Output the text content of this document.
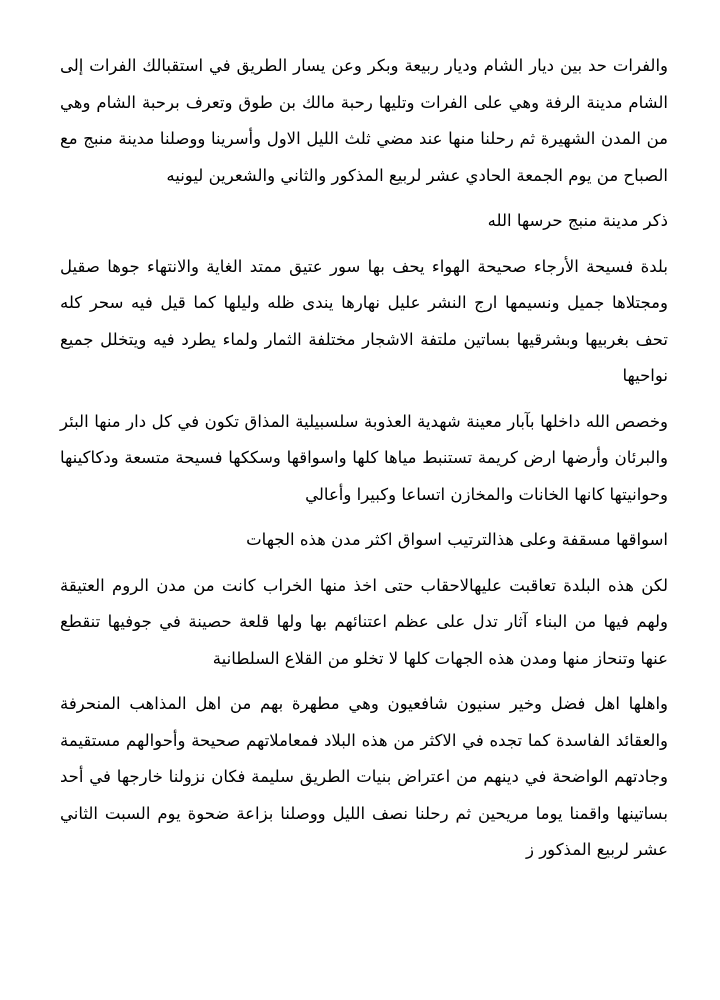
والفرات حد بين ديار الشام وديار ربيعة وبكر وعن يسار الطريق في استقبالك الفرات إلى الشام مدينة الرفة وهي على الفرات وتليها رحبة مالك بن طوق وتعرف برحبة الشام وهي من المدن الشهيرة ثم رحلنا منها عند مضي ثلث الليل الاول وأسرينا ووصلنا مدينة منبج مع الصباح من يوم الجمعة الحادي عشر لربيع المذكور والثاني والشعرين ليونيه

ذكر مدينة منبج حرسها الله

بلدة فسيحة الأرجاء صحيحة الهواء يحف بها سور عتيق ممتد الغاية والانتهاء جوها صقيل ومجتلاها جميل ونسيمها ارج النشر عليل نهارها يندى ظله وليلها كما قيل فيه سحر كله تحف بغربيها وبشرقيها بساتين ملتفة الاشجار مختلفة الثمار ولماء يطرد فيه ويتخلل جميع نواحيها

وخصص الله داخلها بآبار معينة شهدية العذوبة سلسبيلية المذاق تكون في كل دار منها البئر والبرئان وأرضها ارض كريمة تستنبط مياها كلها واسواقها وسككها فسيحة متسعة ودكاكينها وحوانيتها كانها الخانات والمخازن اتساعا وكبيرا وأعالي

اسواقها مسقفة وعلى هذالترتيب اسواق اكثر مدن هذه الجهات

لكن هذه البلدة تعاقبت عليهالاحقاب حتى اخذ منها الخراب كانت من مدن الروم العتيقة ولهم فيها من البناء آثار تدل على عظم اعتنائهم بها ولها قلعة حصينة في جوفيها تنقطع عنها وتنحاز منها ومدن هذه الجهات كلها لا تخلو من القلاع السلطانية

واهلها اهل فضل وخير سنيون شافعيون وهي مطهرة بهم من اهل المذاهب المنحرفة والعقائد الفاسدة كما تجده في الاكثر من هذه البلاد فمعاملاتهم صحيحة وأحوالهم مستقيمة وجادتهم الواضحة في دينهم من اعتراض بنيات الطريق سليمة فكان نزولنا خارجها في أحد بساتينها واقمنا يوما مريحين ثم رحلنا نصف الليل ووصلنا بزاعة ضحوة يوم السبت الثاني عشر لربيع المذكور ز
